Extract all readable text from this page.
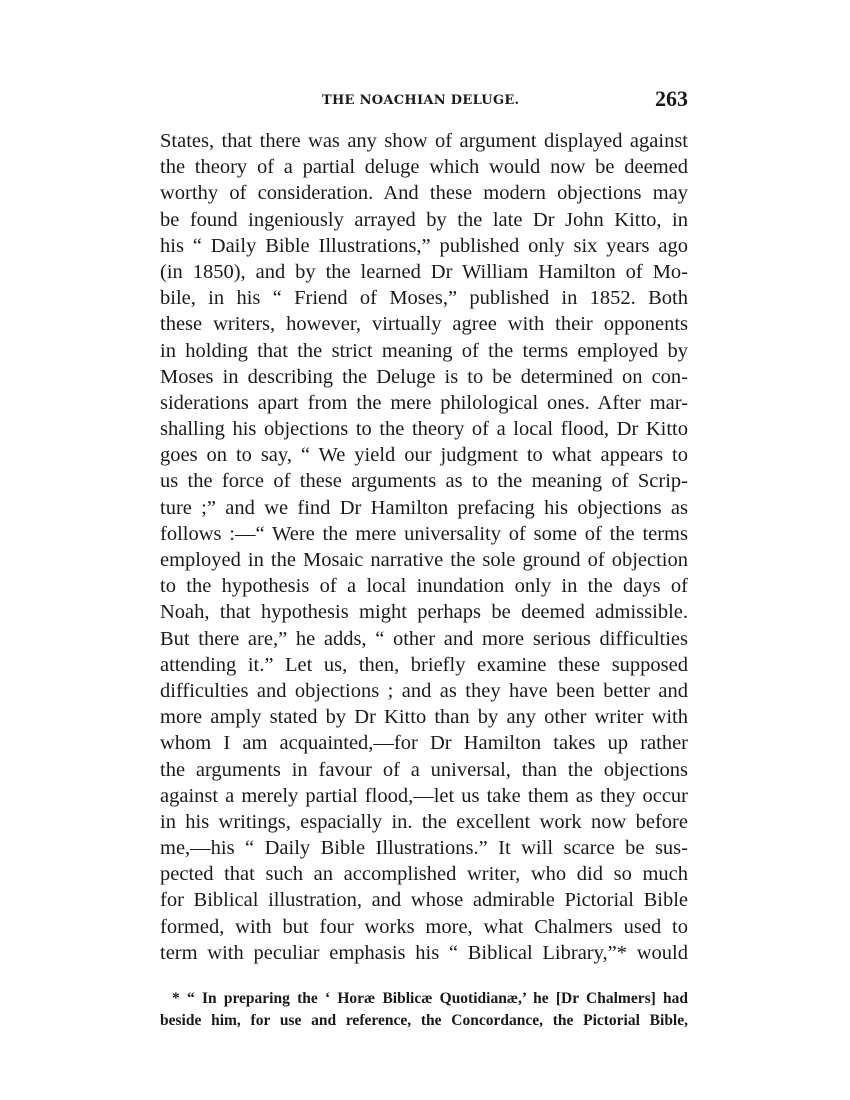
THE NOACHIAN DELUGE.	263
States, that there was any show of argument displayed against
the theory of a partial deluge which would now be deemed
worthy of consideration. And these modern objections may
be found ingeniously arrayed by the late Dr John Kitto, in
his “ Daily Bible Illustrations,” published only six years ago
(in 1850), and by the learned Dr William Hamilton of Mo-
bile, in his “ Friend of Moses,” published in 1852. Both
these writers, however, virtually agree with their opponents
in holding that the strict meaning of the terms employed by
Moses in describing the Deluge is to be determined on con-
siderations apart from the mere philological ones. After mar-
shalling his objections to the theory of a local flood, Dr Kitto
goes on to say, “ We yield our judgment to what appears to
us the force of these arguments as to the meaning of Scrip-
ture ;” and we find Dr Hamilton prefacing his objections as
follows :—“ Were the mere universality of some of the terms
employed in the Mosaic narrative the sole ground of objection
to the hypothesis of a local inundation only in the days of
Noah, that hypothesis might perhaps be deemed admissible.
But there are,” he adds, “ other and more serious difficulties
attending it.” Let us, then, briefly examine these supposed
difficulties and objections ; and as they have been better and
more amply stated by Dr Kitto than by any other writer with
whom I am acquainted,—for Dr Hamilton takes up rather
the arguments in favour of a universal, than the objections
against a merely partial flood,—let us take them as they occur
in his writings, espacially in. the excellent work now before
me,—his “ Daily Bible Illustrations.” It will scarce be sus-
pected that such an accomplished writer, who did so much
for Biblical illustration, and whose admirable Pictorial Bible
formed, with but four works more, what Chalmers used to
term with peculiar emphasis his “ Biblical Library,”* would
* “ In preparing the ‘ Horæ Biblicæ Quotidianæ,’ he [Dr Chalmers] had
beside him, for use and reference, the Concordance, the Pictorial Bible,
